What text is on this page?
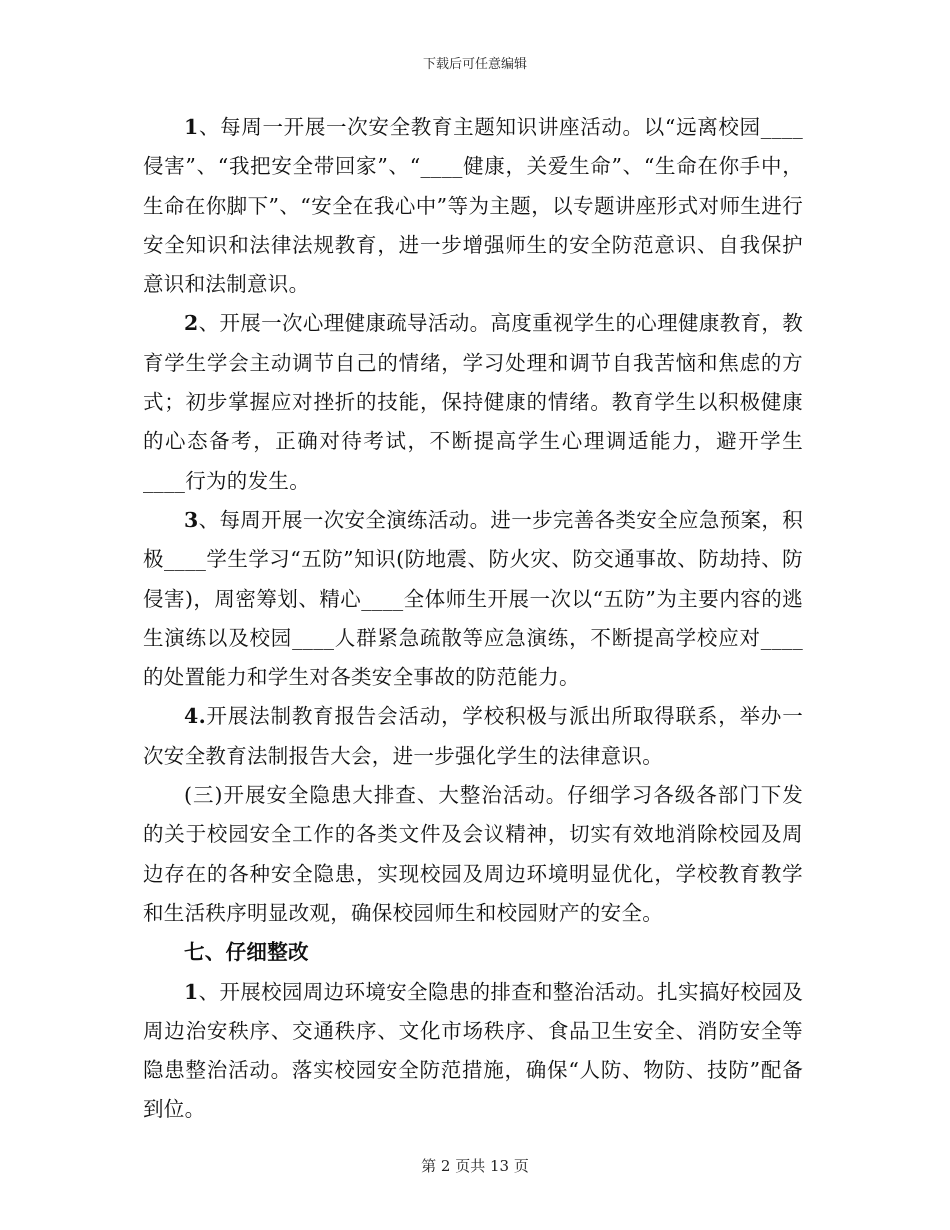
下载后可任意编辑

1、每周一开展一次安全教育主题知识讲座活动。以“远离校园____侵害”、“我把安全带回家”、“____健康，关爱生命”、“生命在你手中，生命在你脚下”、“安全在我心中”等为主题，以专题讲座形式对师生进行安全知识和法律法规教育，进一步增强师生的安全防范意识、自我保护意识和法制意识。

2、开展一次心理健康疏导活动。高度重视学生的心理健康教育，教育学生学会主动调节自己的情绪，学习处理和调节自我苦恼和焦虑的方式；初步掌握应对挫折的技能，保持健康的情绪。教育学生以积极健康的心态备考，正确对待考试，不断提高学生心理调适能力，避开学生____行为的发生。

3、每周开展一次安全演练活动。进一步完善各类安全应急预案，积极____学生学习“五防”知识(防地震、防火灾、防交通事故、防劫持、防侵害)，周密筹划、精心____全体师生开展一次以“五防”为主要内容的逃生演练以及校园____人群紧急疏散等应急演练，不断提高学校应对____的处置能力和学生对各类安全事故的防范能力。

4.开展法制教育报告会活动，学校积极与派出所取得联系，举办一次安全教育法制报告大会，进一步强化学生的法律意识。

(三)开展安全隐患大排查、大整治活动。仔细学习各级各部门下发的关于校园安全工作的各类文件及会议精神，切实有效地消除校园及周边存在的各种安全隐患，实现校园及周边环境明显优化，学校教育教学和生活秩序明显改观，确保校园师生和校园财产的安全。

七、仔细整改

1、开展校园周边环境安全隐患的排查和整治活动。扎实搞好校园及周边治安秩序、交通秩序、文化市场秩序、食品卫生安全、消防安全等隐患整治活动。落实校园安全防范措施，确保“人防、物防、技防”配备到位。

第 2 页共 13 页
